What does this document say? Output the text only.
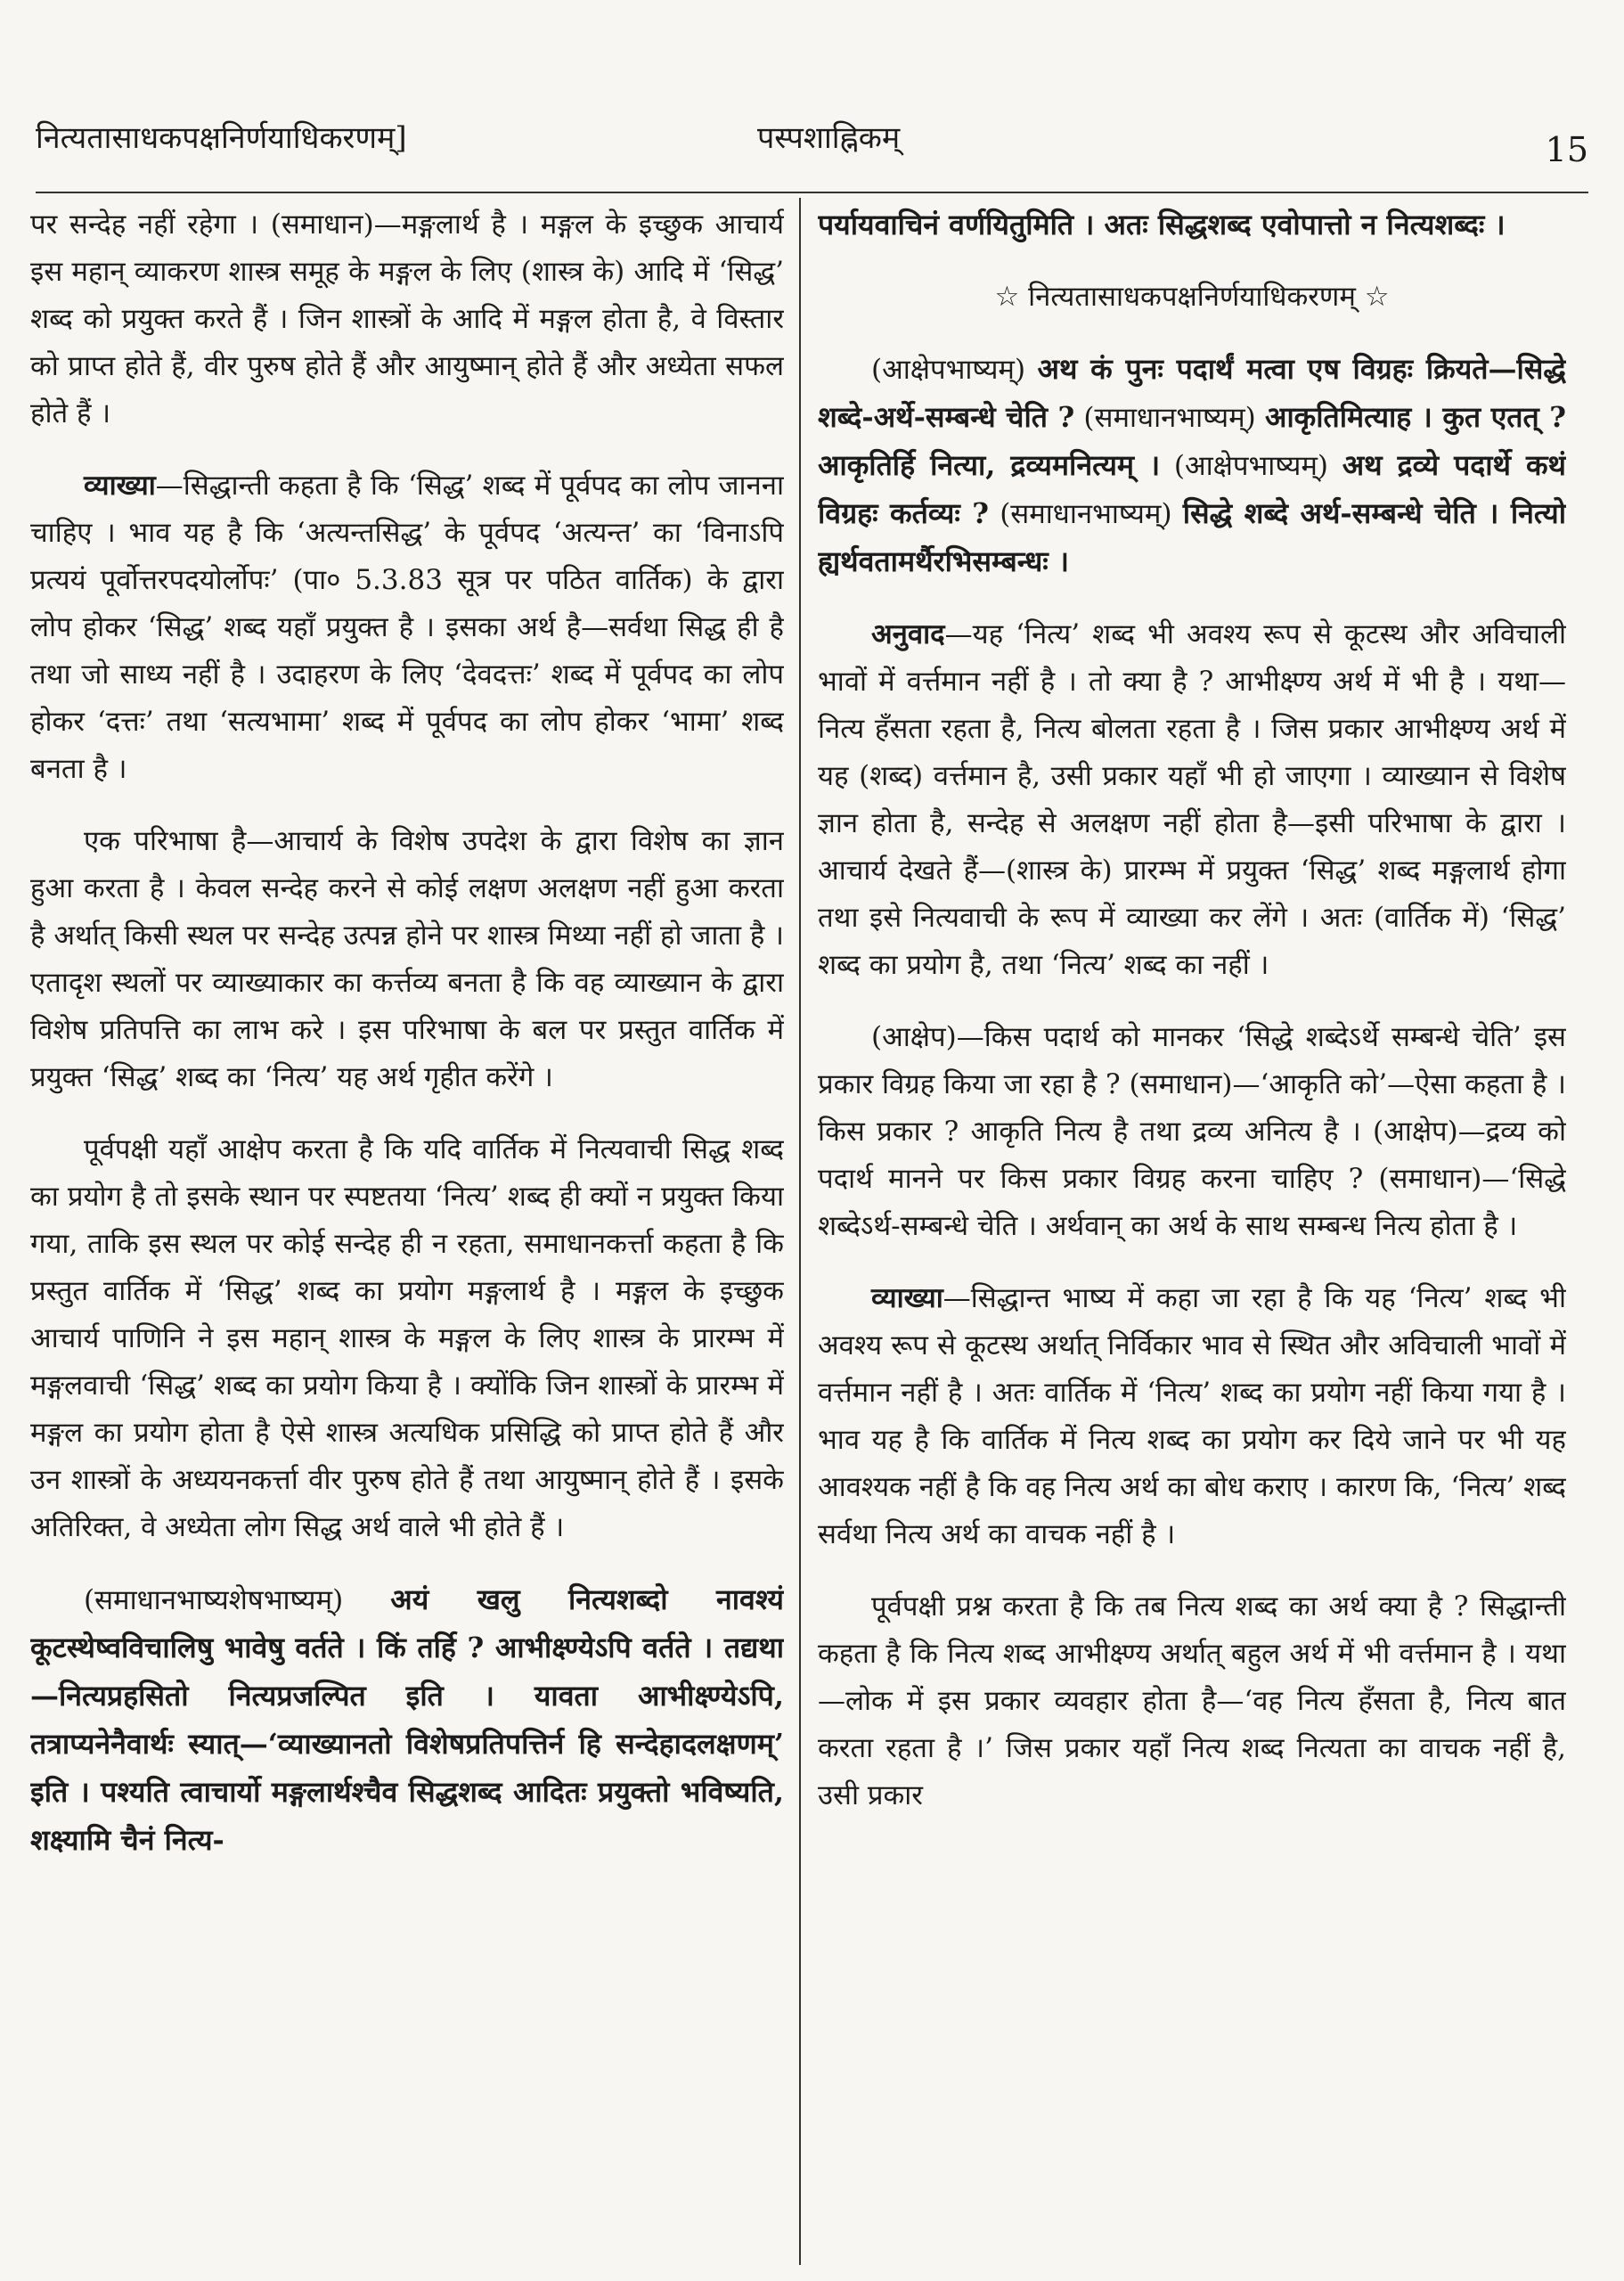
नित्यतासाधकपक्षनिर्णयाधिकरणम्]	पस्पशाह्निकम्	15

पर सन्देह नहीं रहेगा । (समाधान)—मङ्गलार्थ है । मङ्गल के इच्छुक आचार्य इस महान् व्याकरण शास्त्र समूह के मङ्गल के लिए (शास्त्र के) आदि में ‘सिद्ध’ शब्द को प्रयुक्त करते हैं । जिन शास्त्रों के आदि में मङ्गल होता है, वे विस्तार को प्राप्त होते हैं, वीर पुरुष होते हैं और आयुष्मान् होते हैं और अध्येता सफल होते हैं ।

व्याख्या—सिद्धान्ती कहता है कि ‘सिद्ध’ शब्द में पूर्वपद का लोप जानना चाहिए । भाव यह है कि ‘अत्यन्तसिद्ध’ के पूर्वपद ‘अत्यन्त’ का ‘विनाऽपि प्रत्ययं पूर्वोत्तरपदयोर्लोपः’ (पा० 5.3.83 सूत्र पर पठित वार्तिक) के द्वारा लोप होकर ‘सिद्ध’ शब्द यहाँ प्रयुक्त है । इसका अर्थ है—सर्वथा सिद्ध ही है तथा जो साध्य नहीं है । उदाहरण के लिए ‘देवदत्तः’ शब्द में पूर्वपद का लोप होकर ‘दत्तः’ तथा ‘सत्यभामा’ शब्द में पूर्वपद का लोप होकर ‘भामा’ शब्द बनता है ।

एक परिभाषा है—आचार्य के विशेष उपदेश के द्वारा विशेष का ज्ञान हुआ करता है । केवल सन्देह करने से कोई लक्षण अलक्षण नहीं हुआ करता है अर्थात् किसी स्थल पर सन्देह उत्पन्न होने पर शास्त्र मिथ्या नहीं हो जाता है । एतादृश स्थलों पर व्याख्याकार का कर्त्तव्य बनता है कि वह व्याख्यान के द्वारा विशेष प्रतिपत्ति का लाभ करे । इस परिभाषा के बल पर प्रस्तुत वार्तिक में प्रयुक्त ‘सिद्ध’ शब्द का ‘नित्य’ यह अर्थ गृहीत करेंगे ।

पूर्वपक्षी यहाँ आक्षेप करता है कि यदि वार्तिक में नित्यवाची सिद्ध शब्द का प्रयोग है तो इसके स्थान पर स्पष्टतया ‘नित्य’ शब्द ही क्यों न प्रयुक्त किया गया, ताकि इस स्थल पर कोई सन्देह ही न रहता, समाधानकर्त्ता कहता है कि प्रस्तुत वार्तिक में ‘सिद्ध’ शब्द का प्रयोग मङ्गलार्थ है । मङ्गल के इच्छुक आचार्य पाणिनि ने इस महान् शास्त्र के मङ्गल के लिए शास्त्र के प्रारम्भ में मङ्गलवाची ‘सिद्ध’ शब्द का प्रयोग किया है । क्योंकि जिन शास्त्रों के प्रारम्भ में मङ्गल का प्रयोग होता है ऐसे शास्त्र अत्यधिक प्रसिद्धि को प्राप्त होते हैं और उन शास्त्रों के अध्ययनकर्त्ता वीर पुरुष होते हैं तथा आयुष्मान् होते हैं । इसके अतिरिक्त, वे अध्येता लोग सिद्ध अर्थ वाले भी होते हैं ।

(समाधानभाष्यशेषभाष्यम्) अयं खलु नित्यशब्दो नावश्यं कूटस्थेष्वविचालिषु भावेषु वर्तते । किं तर्हि ? आभीक्ष्ण्येऽपि वर्तते । तद्यथा—नित्यप्रहसितो नित्यप्रजल्पित इति । यावता आभीक्ष्ण्येऽपि, तत्राप्यनेनैवार्थः स्यात्—‘व्याख्यानतो विशेषप्रतिपत्तिर्न हि सन्देहादलक्षणम्’ इति । पश्यति त्वाचार्यो मङ्गलार्थश्चैव सिद्धशब्द आदितः प्रयुक्तो भविष्यति, शक्ष्यामि चैनं नित्य-

पर्यायवाचिनं वर्णयितुमिति । अतः सिद्धशब्द एवोपात्तो न नित्यशब्दः ।

☆ नित्यतासाधकपक्षनिर्णयाधिकरणम् ☆

(आक्षेपभाष्यम्) अथ कं पुनः पदार्थं मत्वा एष विग्रहः क्रियते—सिद्धे शब्दे-अर्थे-सम्बन्धे चेति ? (समाधानभाष्यम्) आकृतिमित्याह । कुत एतत् ? आकृतिर्हि नित्या, द्रव्यमनित्यम् । (आक्षेपभाष्यम्) अथ द्रव्ये पदार्थे कथं विग्रहः कर्तव्यः ? (समाधानभाष्यम्) सिद्धे शब्दे अर्थ-सम्बन्धे चेति । नित्यो ह्यर्थवतामर्थैरभिसम्बन्धः ।

अनुवाद—यह ‘नित्य’ शब्द भी अवश्य रूप से कूटस्थ और अविचाली भावों में वर्त्तमान नहीं है । तो क्या है ? आभीक्ष्ण्य अर्थ में भी है । यथा—नित्य हँसता रहता है, नित्य बोलता रहता है । जिस प्रकार आभीक्ष्ण्य अर्थ में यह (शब्द) वर्त्तमान है, उसी प्रकार यहाँ भी हो जाएगा । व्याख्यान से विशेष ज्ञान होता है, सन्देह से अलक्षण नहीं होता है—इसी परिभाषा के द्वारा । आचार्य देखते हैं—(शास्त्र के) प्रारम्भ में प्रयुक्त ‘सिद्ध’ शब्द मङ्गलार्थ होगा तथा इसे नित्यवाची के रूप में व्याख्या कर लेंगे । अतः (वार्तिक में) ‘सिद्ध’ शब्द का प्रयोग है, तथा ‘नित्य’ शब्द का नहीं ।

(आक्षेप)—किस पदार्थ को मानकर ‘सिद्धे शब्देऽर्थे सम्बन्धे चेति’ इस प्रकार विग्रह किया जा रहा है ? (समाधान)—‘आकृति को’—ऐसा कहता है । किस प्रकार ? आकृति नित्य है तथा द्रव्य अनित्य है । (आक्षेप)—द्रव्य को पदार्थ मानने पर किस प्रकार विग्रह करना चाहिए ? (समाधान)—‘सिद्धे शब्देऽर्थ-सम्बन्धे चेति । अर्थवान् का अर्थ के साथ सम्बन्ध नित्य होता है ।

व्याख्या—सिद्धान्त भाष्य में कहा जा रहा है कि यह ‘नित्य’ शब्द भी अवश्य रूप से कूटस्थ अर्थात् निर्विकार भाव से स्थित और अविचाली भावों में वर्त्तमान नहीं है । अतः वार्तिक में ‘नित्य’ शब्द का प्रयोग नहीं किया गया है । भाव यह है कि वार्तिक में नित्य शब्द का प्रयोग कर दिये जाने पर भी यह आवश्यक नहीं है कि वह नित्य अर्थ का बोध कराए । कारण कि, ‘नित्य’ शब्द सर्वथा नित्य अर्थ का वाचक नहीं है ।

पूर्वपक्षी प्रश्न करता है कि तब नित्य शब्द का अर्थ क्या है ? सिद्धान्ती कहता है कि नित्य शब्द आभीक्ष्ण्य अर्थात् बहुल अर्थ में भी वर्त्तमान है । यथा—लोक में इस प्रकार व्यवहार होता है—‘वह नित्य हँसता है, नित्य बात करता रहता है ।’ जिस प्रकार यहाँ नित्य शब्द नित्यता का वाचक नहीं है, उसी प्रकार
